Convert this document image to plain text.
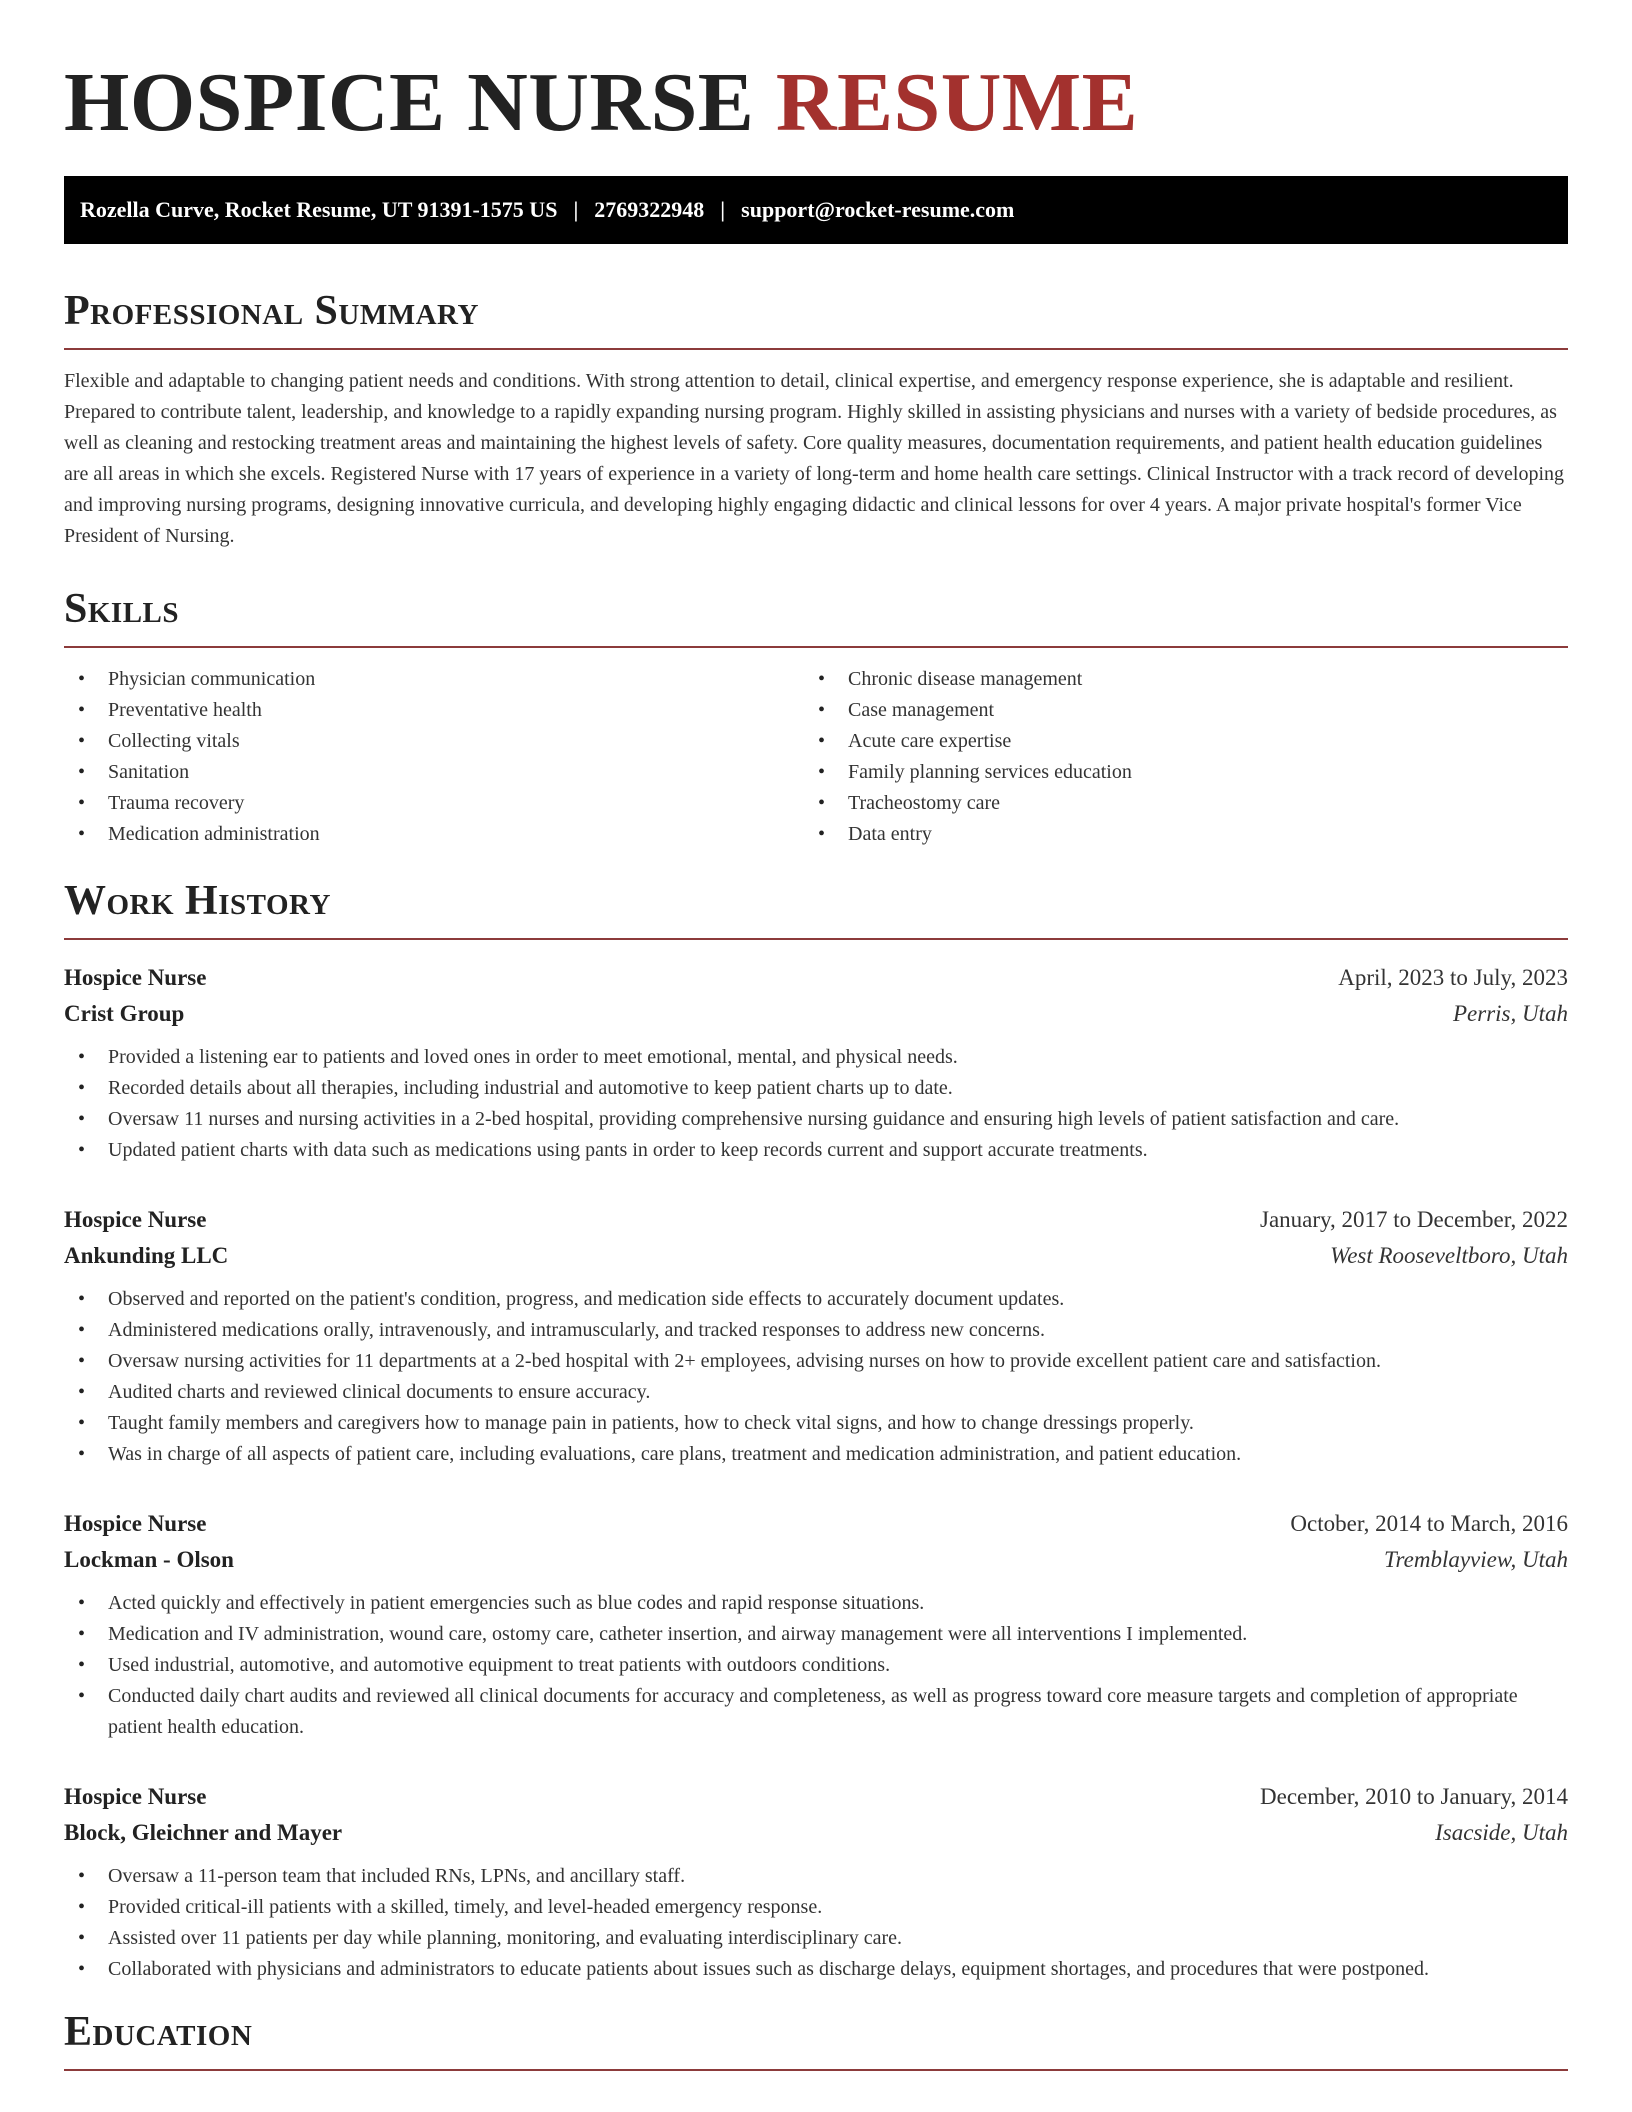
HOSPICE NURSE RESUME
Rozella Curve, Rocket Resume, UT 91391-1575 US | 2769322948 | support@rocket-resume.com
Professional Summary

Flexible and adaptable to changing patient needs and conditions. With strong attention to detail, clinical expertise, and emergency response experience, she is adaptable and resilient. Prepared to contribute talent, leadership, and knowledge to a rapidly expanding nursing program. Highly skilled in assisting physicians and nurses with a variety of bedside procedures, as well as cleaning and restocking treatment areas and maintaining the highest levels of safety. Core quality measures, documentation requirements, and patient health education guidelines are all areas in which she excels. Registered Nurse with 17 years of experience in a variety of long-term and home health care settings. Clinical Instructor with a track record of developing and improving nursing programs, designing innovative curricula, and developing highly engaging didactic and clinical lessons for over 4 years. A major private hospital's former Vice President of Nursing.

Skills
• Physician communication
• Preventative health
• Collecting vitals
• Sanitation
• Trauma recovery
• Medication administration
• Chronic disease management
• Case management
• Acute care expertise
• Family planning services education
• Tracheostomy care
• Data entry
Work History
Hospice Nurse	April, 2023 to July, 2023
Crist Group	Perris, Utah
• Provided a listening ear to patients and loved ones in order to meet emotional, mental, and physical needs.
• Recorded details about all therapies, including industrial and automotive to keep patient charts up to date.
• Oversaw 11 nurses and nursing activities in a 2-bed hospital, providing comprehensive nursing guidance and ensuring high levels of patient satisfaction and care.
• Updated patient charts with data such as medications using pants in order to keep records current and support accurate treatments.
Hospice Nurse	January, 2017 to December, 2022
Ankunding LLC	West Rooseveltboro, Utah
• Observed and reported on the patient's condition, progress, and medication side effects to accurately document updates.
• Administered medications orally, intravenously, and intramuscularly, and tracked responses to address new concerns.
• Oversaw nursing activities for 11 departments at a 2-bed hospital with 2+ employees, advising nurses on how to provide excellent patient care and satisfaction.
• Audited charts and reviewed clinical documents to ensure accuracy.
• Taught family members and caregivers how to manage pain in patients, how to check vital signs, and how to change dressings properly.
• Was in charge of all aspects of patient care, including evaluations, care plans, treatment and medication administration, and patient education.
Hospice Nurse	October, 2014 to March, 2016
Lockman - Olson	Tremblayview, Utah
• Acted quickly and effectively in patient emergencies such as blue codes and rapid response situations.
• Medication and IV administration, wound care, ostomy care, catheter insertion, and airway management were all interventions I implemented.
• Used industrial, automotive, and automotive equipment to treat patients with outdoors conditions.
• Conducted daily chart audits and reviewed all clinical documents for accuracy and completeness, as well as progress toward core measure targets and completion of appropriate patient health education.
Hospice Nurse	December, 2010 to January, 2014
Block, Gleichner and Mayer	Isacside, Utah
• Oversaw a 11-person team that included RNs, LPNs, and ancillary staff.
• Provided critical-ill patients with a skilled, timely, and level-headed emergency response.
• Assisted over 11 patients per day while planning, monitoring, and evaluating interdisciplinary care.
• Collaborated with physicians and administrators to educate patients about issues such as discharge delays, equipment shortages, and procedures that were postponed.
Education
